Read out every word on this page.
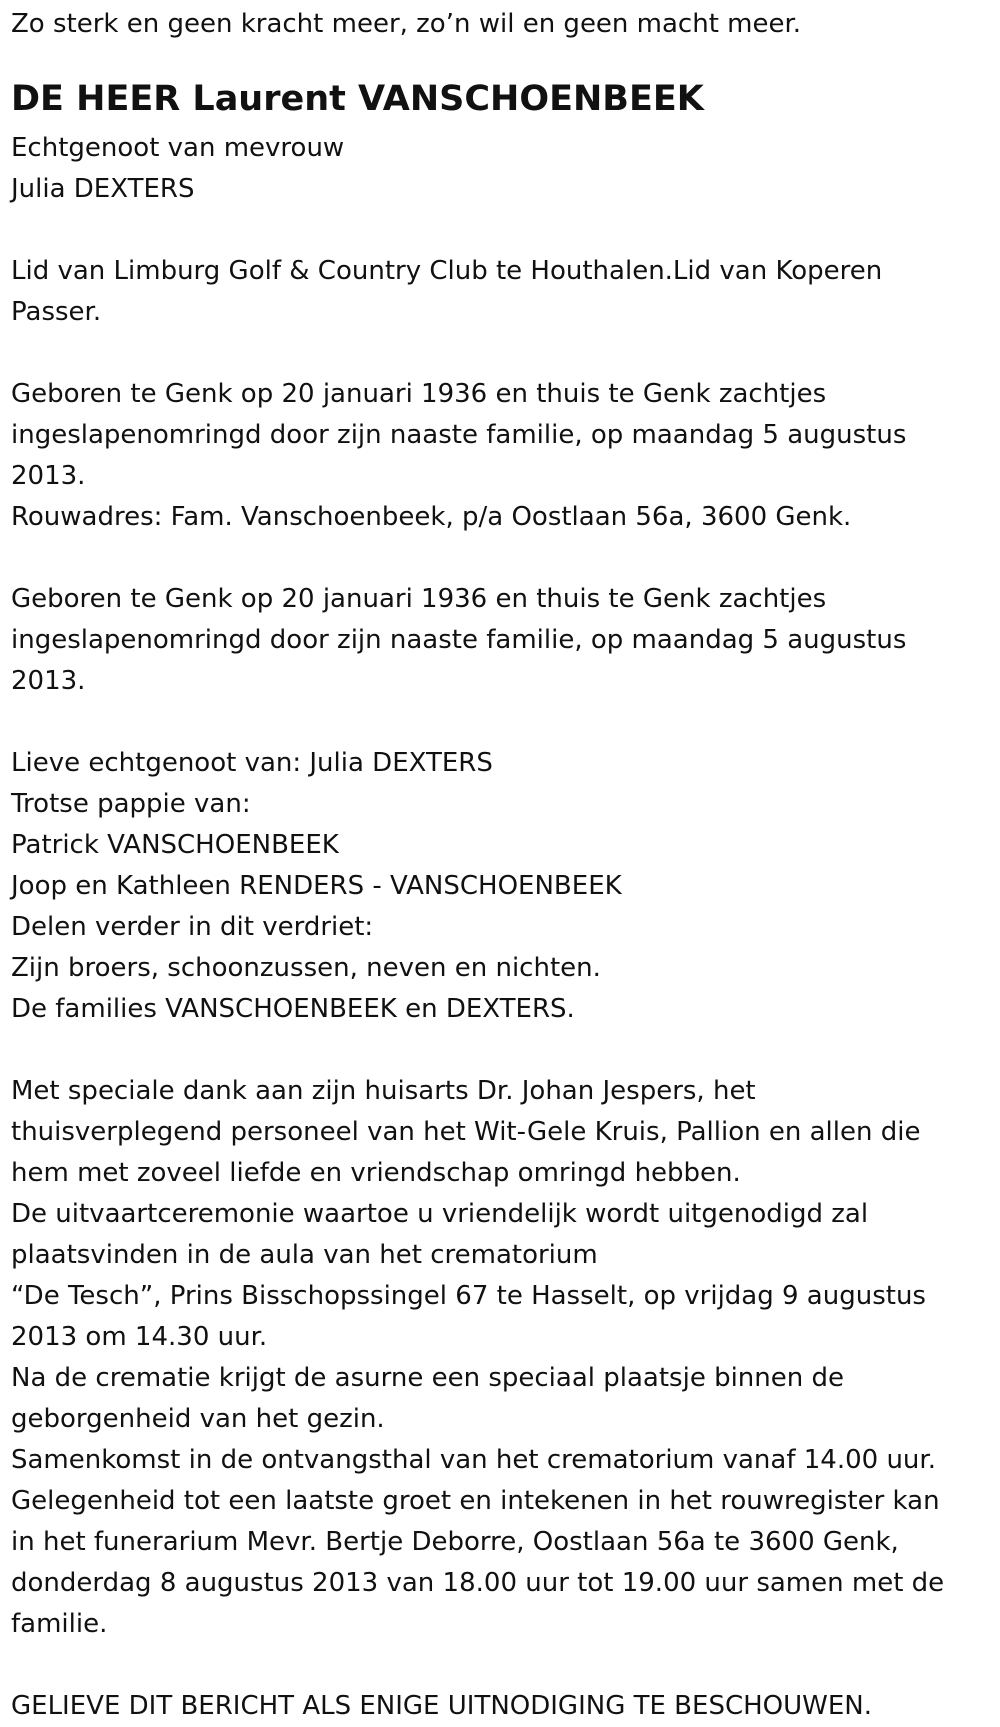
Zo sterk en geen kracht meer, zo’n wil en geen macht meer.
DE HEER Laurent VANSCHOENBEEK
Echtgenoot van mevrouw
Julia DEXTERS
Lid van Limburg Golf & Country Club te Houthalen.Lid van Koperen
Passer.
Geboren te Genk op 20 januari 1936 en thuis te Genk zachtjes
ingeslapenomringd door zijn naaste familie, op maandag 5 augustus
2013.
Rouwadres: Fam. Vanschoenbeek, p/a Oostlaan 56a, 3600 Genk.
Geboren te Genk op 20 januari 1936 en thuis te Genk zachtjes
ingeslapenomringd door zijn naaste familie, op maandag 5 augustus
2013.
Lieve echtgenoot van: Julia DEXTERS
Trotse pappie van:
Patrick VANSCHOENBEEK
Joop en Kathleen RENDERS - VANSCHOENBEEK
Delen verder in dit verdriet:
Zijn broers, schoonzussen, neven en nichten.
De families VANSCHOENBEEK en DEXTERS.
Met speciale dank aan zijn huisarts Dr. Johan Jespers, het
thuisverplegend personeel van het Wit-Gele Kruis, Pallion en allen die
hem met zoveel liefde en vriendschap omringd hebben.
De uitvaartceremonie waartoe u vriendelijk wordt uitgenodigd zal
plaatsvinden in de aula van het crematorium
“De Tesch”, Prins Bisschopssingel 67 te Hasselt, op vrijdag 9 augustus
2013 om 14.30 uur.
Na de crematie krijgt de asurne een speciaal plaatsje binnen de
geborgenheid van het gezin.
Samenkomst in de ontvangsthal van het crematorium vanaf 14.00 uur.
Gelegenheid tot een laatste groet en intekenen in het rouwregister kan
in het funerarium Mevr. Bertje Deborre, Oostlaan 56a te 3600 Genk,
donderdag 8 augustus 2013 van 18.00 uur tot 19.00 uur samen met de
familie.
GELIEVE DIT BERICHT ALS ENIGE UITNODIGING TE BESCHOUWEN.
